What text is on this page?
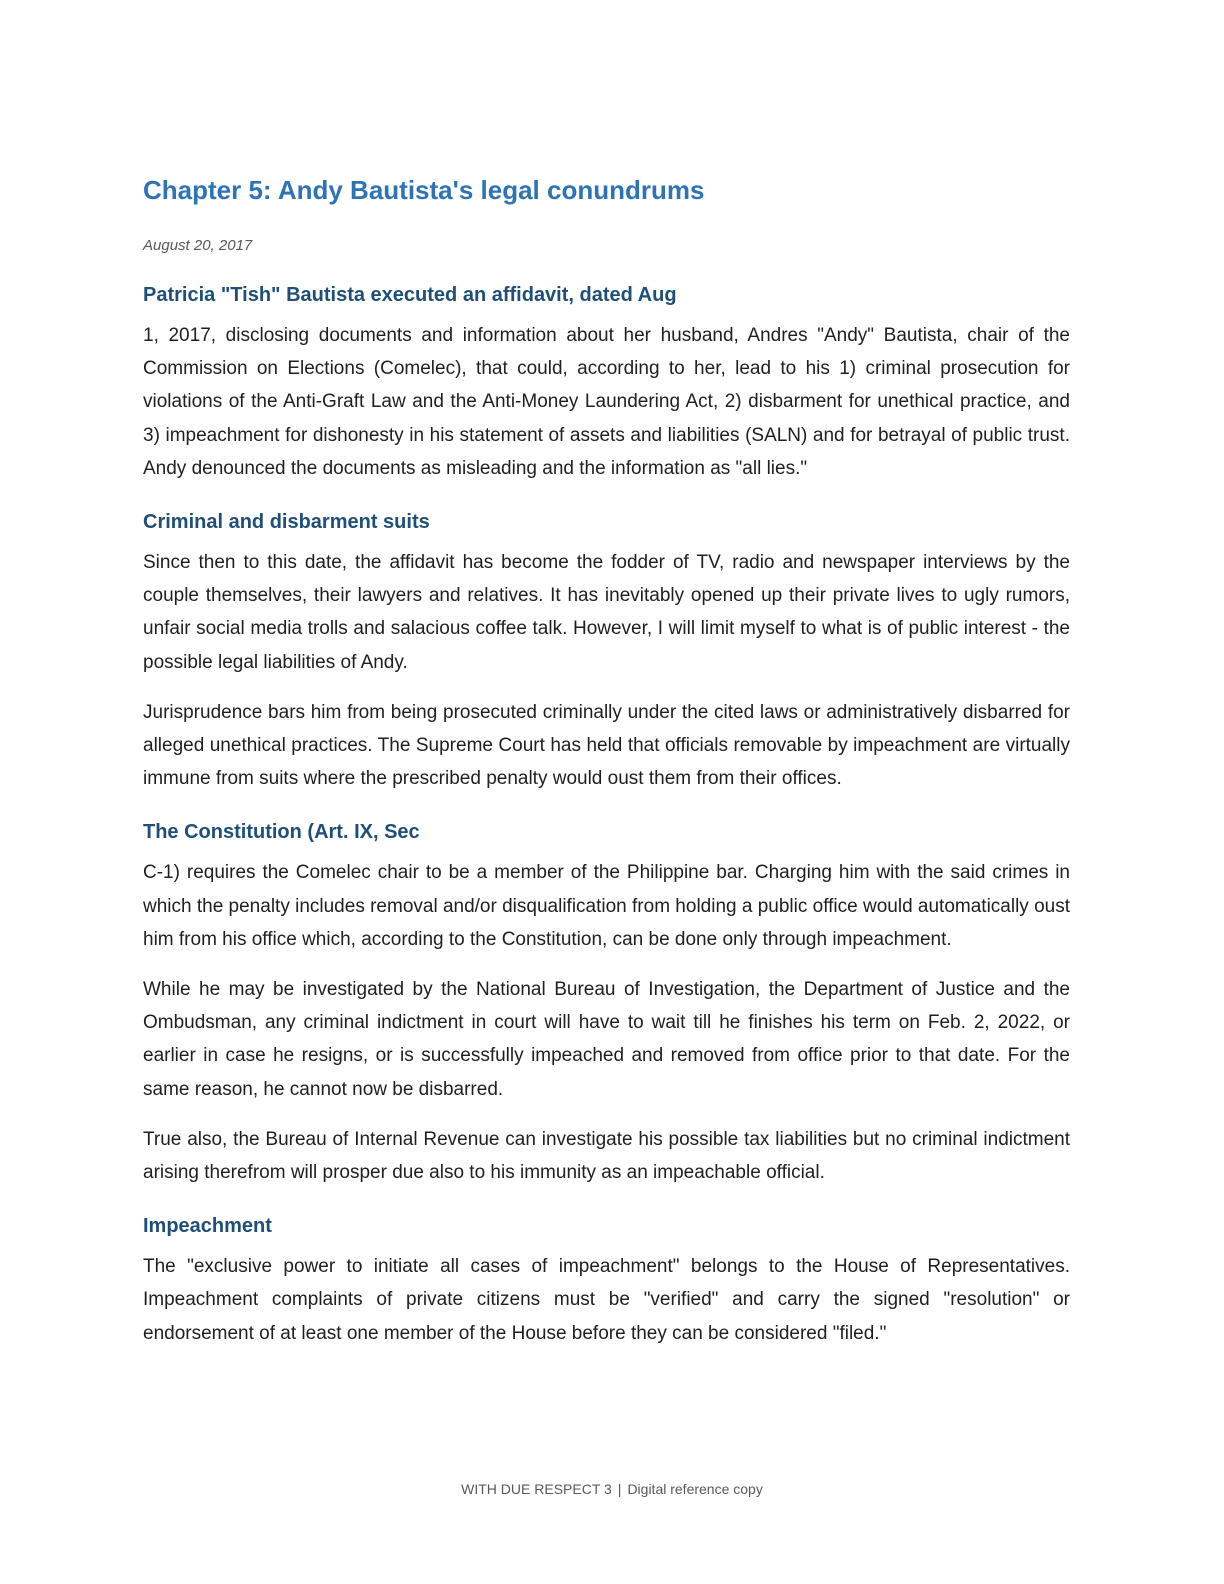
Chapter 5: Andy Bautista's legal conundrums
August 20, 2017
Patricia "Tish" Bautista executed an affidavit, dated Aug

1, 2017, disclosing documents and information about her husband, Andres "Andy" Bautista, chair of the Commission on Elections (Comelec), that could, according to her, lead to his 1) criminal prosecution for violations of the Anti-Graft Law and the Anti-Money Laundering Act, 2) disbarment for unethical practice, and 3) impeachment for dishonesty in his statement of assets and liabilities (SALN) and for betrayal of public trust. Andy denounced the documents as misleading and the information as "all lies."

Criminal and disbarment suits

Since then to this date, the affidavit has become the fodder of TV, radio and newspaper interviews by the couple themselves, their lawyers and relatives. It has inevitably opened up their private lives to ugly rumors, unfair social media trolls and salacious coffee talk. However, I will limit myself to what is of public interest - the possible legal liabilities of Andy.

Jurisprudence bars him from being prosecuted criminally under the cited laws or administratively disbarred for alleged unethical practices. The Supreme Court has held that officials removable by impeachment are virtually immune from suits where the prescribed penalty would oust them from their offices.

The Constitution (Art. IX, Sec

C-1) requires the Comelec chair to be a member of the Philippine bar. Charging him with the said crimes in which the penalty includes removal and/or disqualification from holding a public office would automatically oust him from his office which, according to the Constitution, can be done only through impeachment.

While he may be investigated by the National Bureau of Investigation, the Department of Justice and the Ombudsman, any criminal indictment in court will have to wait till he finishes his term on Feb. 2, 2022, or earlier in case he resigns, or is successfully impeached and removed from office prior to that date. For the same reason, he cannot now be disbarred.

True also, the Bureau of Internal Revenue can investigate his possible tax liabilities but no criminal indictment arising therefrom will prosper due also to his immunity as an impeachable official.

Impeachment

The "exclusive power to initiate all cases of impeachment" belongs to the House of Representatives. Impeachment complaints of private citizens must be "verified" and carry the signed "resolution" or endorsement of at least one member of the House before they can be considered "filed."

WITH DUE RESPECT 3 | Digital reference copy
